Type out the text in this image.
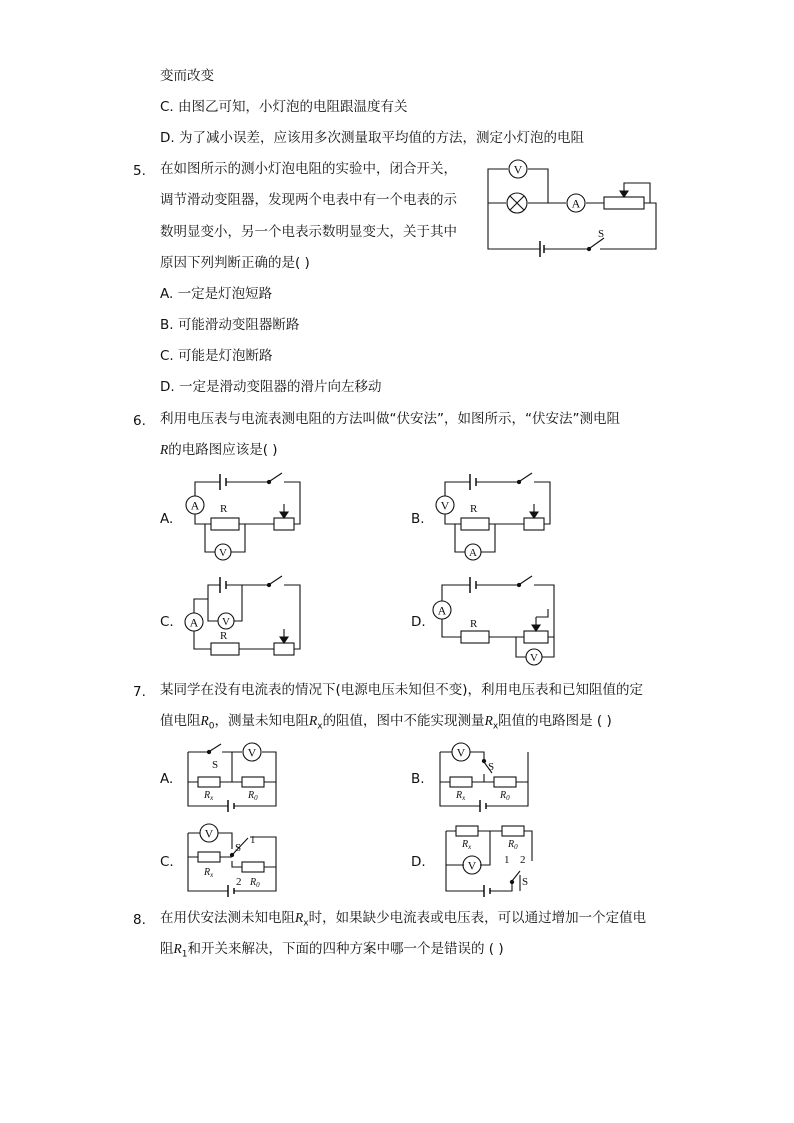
变而改变
C. 由图乙可知，小灯泡的电阻跟温度有关
D. 为了减小误差，应该用多次测量取平均值的方法，测定小灯泡的电阻
5. 在如图所示的测小灯泡电阻的实验中，闭合开关，
调节滑动变阻器，发现两个电表中有一个电表的示
数明显变小，另一个电表示数明显变大，关于其中
原因下列判断正确的是( )
A. 一定是灯泡短路
B. 可能滑动变阻器断路
C. 可能是灯泡断路
D. 一定是滑动变阻器的滑片向左移动
V
A
S
6. 利用电压表与电流表测电阻的方法叫做“伏安法”，如图所示，“伏安法”测电阻
R的电路图应该是( )
A.
A R
V
B.
V R
A
C.	V
A
R
D.
A
R
V
7. 某同学在没有电流表的情况下(电源电压未知但不变)，利用电压表和已知阻值的定
值电阻$R_0$，测量未知电阻$R_x$的阻值，图中不能实现测量$R_x$阻值的电路图是 ( )
A.
S
V
$R_x$	$R_0$
B.
V
S
$R_x$	$R_0$
C.
V
$R_x$
S
1
2 $R_0$
D.
$R_x$	$R_0$
V	1 2
S
8. 在用伏安法测未知电阻$R_x$时，如果缺少电流表或电压表，可以通过增加一个定值电
阻$R_1$和开关来解决，下面的四种方案中哪一个是错误的 ( )
